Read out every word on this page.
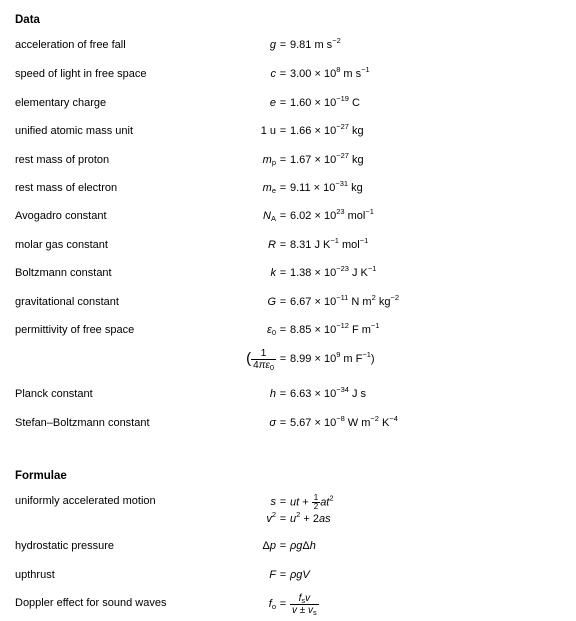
Data
acceleration of free fall	g = 9.81 m $s^{-2}$
speed of light in free space	$c = 3.00 \times 10^8$ m $s^{-1}$
elementary charge	$e = 1.60 \times 10^{-19}$ C
unified atomic mass unit	1 $u = 1.66 \times 10^{-27}$ kg
rest mass of proton	$m_p = 1.67 \times 10^{-27}$ kg
rest mass of electron	$m_e = 9.11 \times 10^{-31}$ kg
Avogadro constant	$N_A = 6.02 \times 10^{23}$ mol$^{-1}$
molar gas constant	R = 8.31 J $K^{-1}$ mol$^{-1}$
Boltzmann constant	$k = 1.38 \times 10^{-23}$ J $K^{-1}$
gravitational constant	$G = 6.67 \times 10^{-11}$ N $m^2$ $kg^{-2}$
permittivity of free space	$\varepsilon_0 = 8.85 \times 10^{-12}$ F $m^{-1}$
( $\frac{1}{4\pi\varepsilon_0} = 8.99 \times 10^9$ m $F^{-1}$)
Planck constant	$h = 6.63 \times 10^{-34}$ J s
Stefan–Boltzmann constant	$\sigma = 5.67 \times 10^{-8}$ W $m^{-2}$ $K^{-4}$
Formulae
uniformly accelerated motion	s = ut + $\frac{1}{2} at^2$
$v^2 = u^2 + 2as$
hydrostatic pressure	Δp = ρgΔh
upthrust	F = ρgV
Doppler effect for sound waves	$f_o = \frac{f_sv}{v \pm v_s}$
